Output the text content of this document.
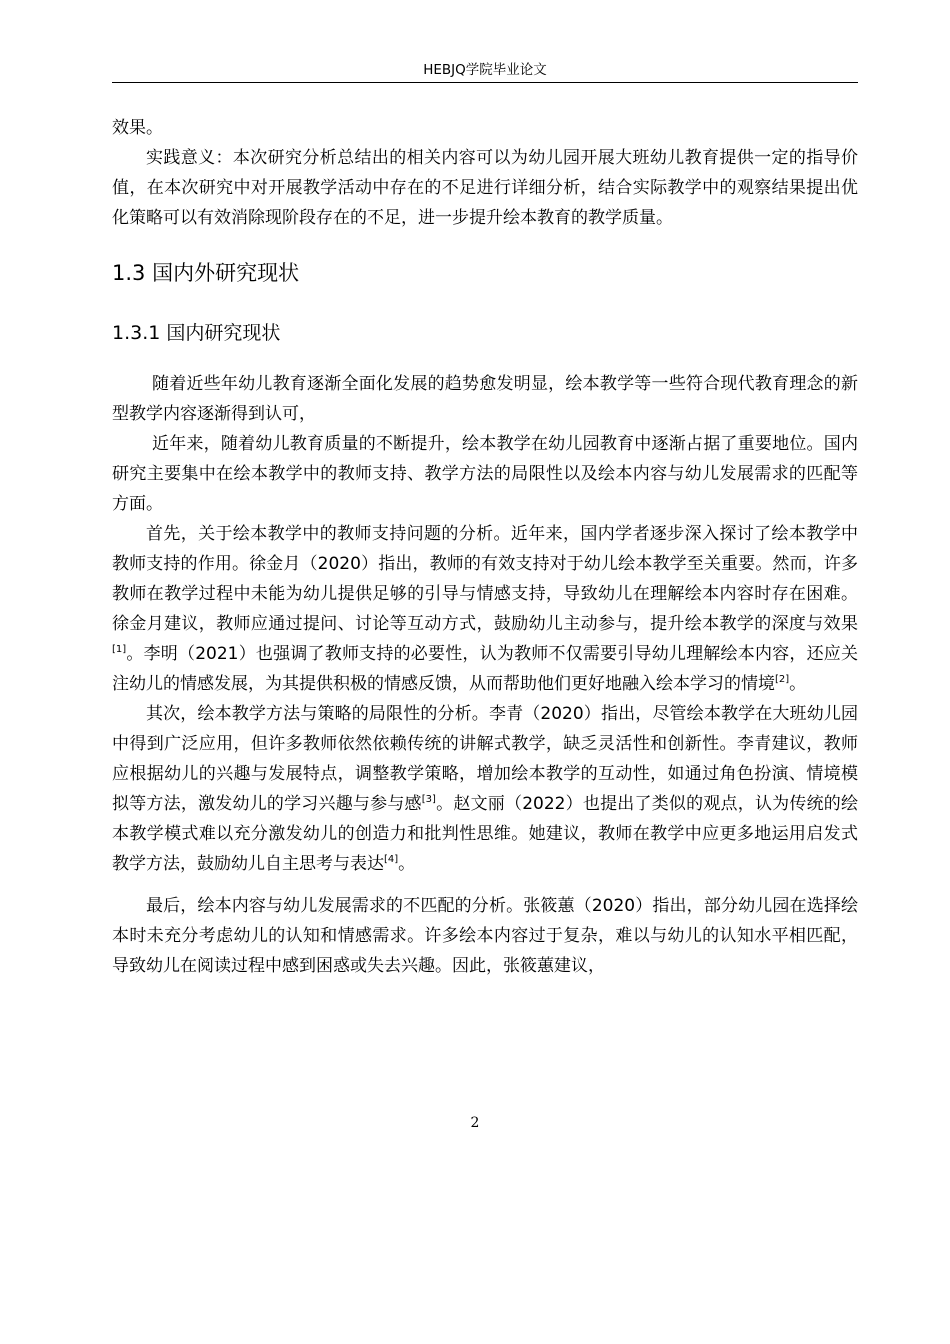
HEBJQ学院毕业论文

效果。

实践意义：本次研究分析总结出的相关内容可以为幼儿园开展大班幼儿教育提供一定的指导价值，在本次研究中对开展教学活动中存在的不足进行详细分析，结合实际教学中的观察结果提出优化策略可以有效消除现阶段存在的不足，进一步提升绘本教育的教学质量。

1.3 国内外研究现状
1.3.1 国内研究现状

随着近些年幼儿教育逐渐全面化发展的趋势愈发明显，绘本教学等一些符合现代教育理念的新型教学内容逐渐得到认可，

近年来，随着幼儿教育质量的不断提升，绘本教学在幼儿园教育中逐渐占据了重要地位。国内研究主要集中在绘本教学中的教师支持、教学方法的局限性以及绘本内容与幼儿发展需求的匹配等方面。

首先，关于绘本教学中的教师支持问题的分析。近年来，国内学者逐步深入探讨了绘本教学中教师支持的作用。徐金月（2020）指出，教师的有效支持对于幼儿绘本教学至关重要。然而，许多教师在教学过程中未能为幼儿提供足够的引导与情感支持，导致幼儿在理解绘本内容时存在困难。徐金月建议，教师应通过提问、讨论等互动方式，鼓励幼儿主动参与，提升绘本教学的深度与效果[1]。李明（2021）也强调了教师支持的必要性，认为教师不仅需要引导幼儿理解绘本内容，还应关注幼儿的情感发展，为其提供积极的情感反馈，从而帮助他们更好地融入绘本学习的情境[2]。

其次，绘本教学方法与策略的局限性的分析。李青（2020）指出，尽管绘本教学在大班幼儿园中得到广泛应用，但许多教师依然依赖传统的讲解式教学，缺乏灵活性和创新性。李青建议，教师应根据幼儿的兴趣与发展特点，调整教学策略，增加绘本教学的互动性，如通过角色扮演、情境模拟等方法，激发幼儿的学习兴趣与参与感[3]。赵文丽（2022）也提出了类似的观点，认为传统的绘本教学模式难以充分激发幼儿的创造力和批判性思维。她建议，教师在教学中应更多地运用启发式教学方法，鼓励幼儿自主思考与表达[4]。

最后，绘本内容与幼儿发展需求的不匹配的分析。张筱蕙（2020）指出，部分幼儿园在选择绘本时未充分考虑幼儿的认知和情感需求。许多绘本内容过于复杂，难以与幼儿的认知水平相匹配，导致幼儿在阅读过程中感到困惑或失去兴趣。因此，张筱蕙建议，

2
